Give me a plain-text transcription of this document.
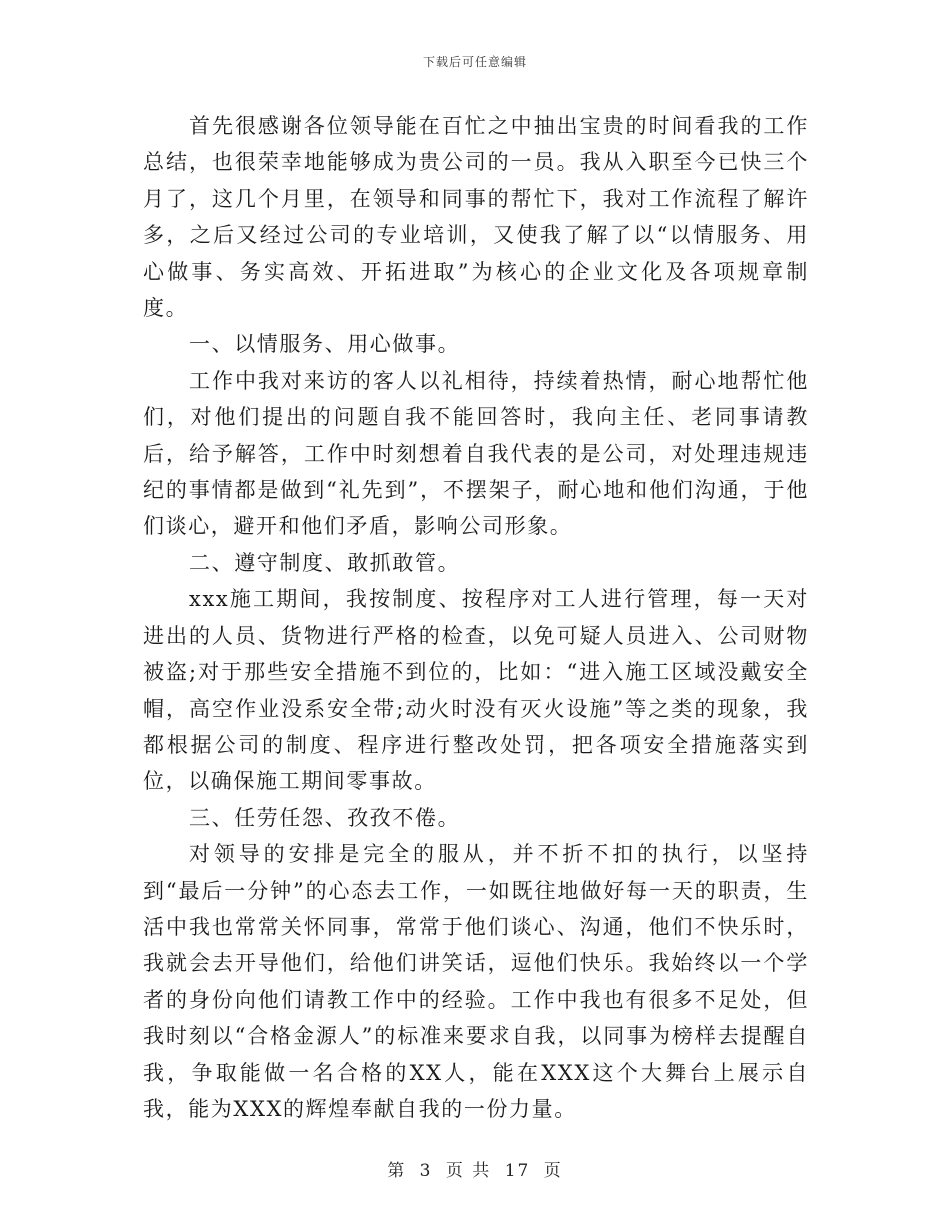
下载后可任意编辑

首先很感谢各位领导能在百忙之中抽出宝贵的时间看我的工作总结，也很荣幸地能够成为贵公司的一员。我从入职至今已快三个月了，这几个月里，在领导和同事的帮忙下，我对工作流程了解许多，之后又经过公司的专业培训，又使我了解了以“以情服务、用心做事、务实高效、开拓进取”为核心的企业文化及各项规章制度。

一、以情服务、用心做事。

工作中我对来访的客人以礼相待，持续着热情，耐心地帮忙他们，对他们提出的问题自我不能回答时，我向主任、老同事请教后，给予解答，工作中时刻想着自我代表的是公司，对处理违规违纪的事情都是做到“礼先到”，不摆架子，耐心地和他们沟通，于他们谈心，避开和他们矛盾，影响公司形象。

二、遵守制度、敢抓敢管。

xxx施工期间，我按制度、按程序对工人进行管理，每一天对进出的人员、货物进行严格的检查，以免可疑人员进入、公司财物被盗;对于那些安全措施不到位的，比如：“进入施工区域没戴安全帽，高空作业没系安全带;动火时没有灭火设施”等之类的现象，我都根据公司的制度、程序进行整改处罚，把各项安全措施落实到位，以确保施工期间零事故。

三、任劳任怨、孜孜不倦。

对领导的安排是完全的服从，并不折不扣的执行，以坚持到“最后一分钟”的心态去工作，一如既往地做好每一天的职责，生活中我也常常关怀同事，常常于他们谈心、沟通，他们不快乐时，我就会去开导他们，给他们讲笑话，逗他们快乐。我始终以一个学者的身份向他们请教工作中的经验。工作中我也有很多不足处，但我时刻以“合格金源人”的标准来要求自我，以同事为榜样去提醒自我，争取能做一名合格的XX人，能在XXX这个大舞台上展示自我，能为XXX的辉煌奉献自我的一份力量。

第 3 页 共 17 页
